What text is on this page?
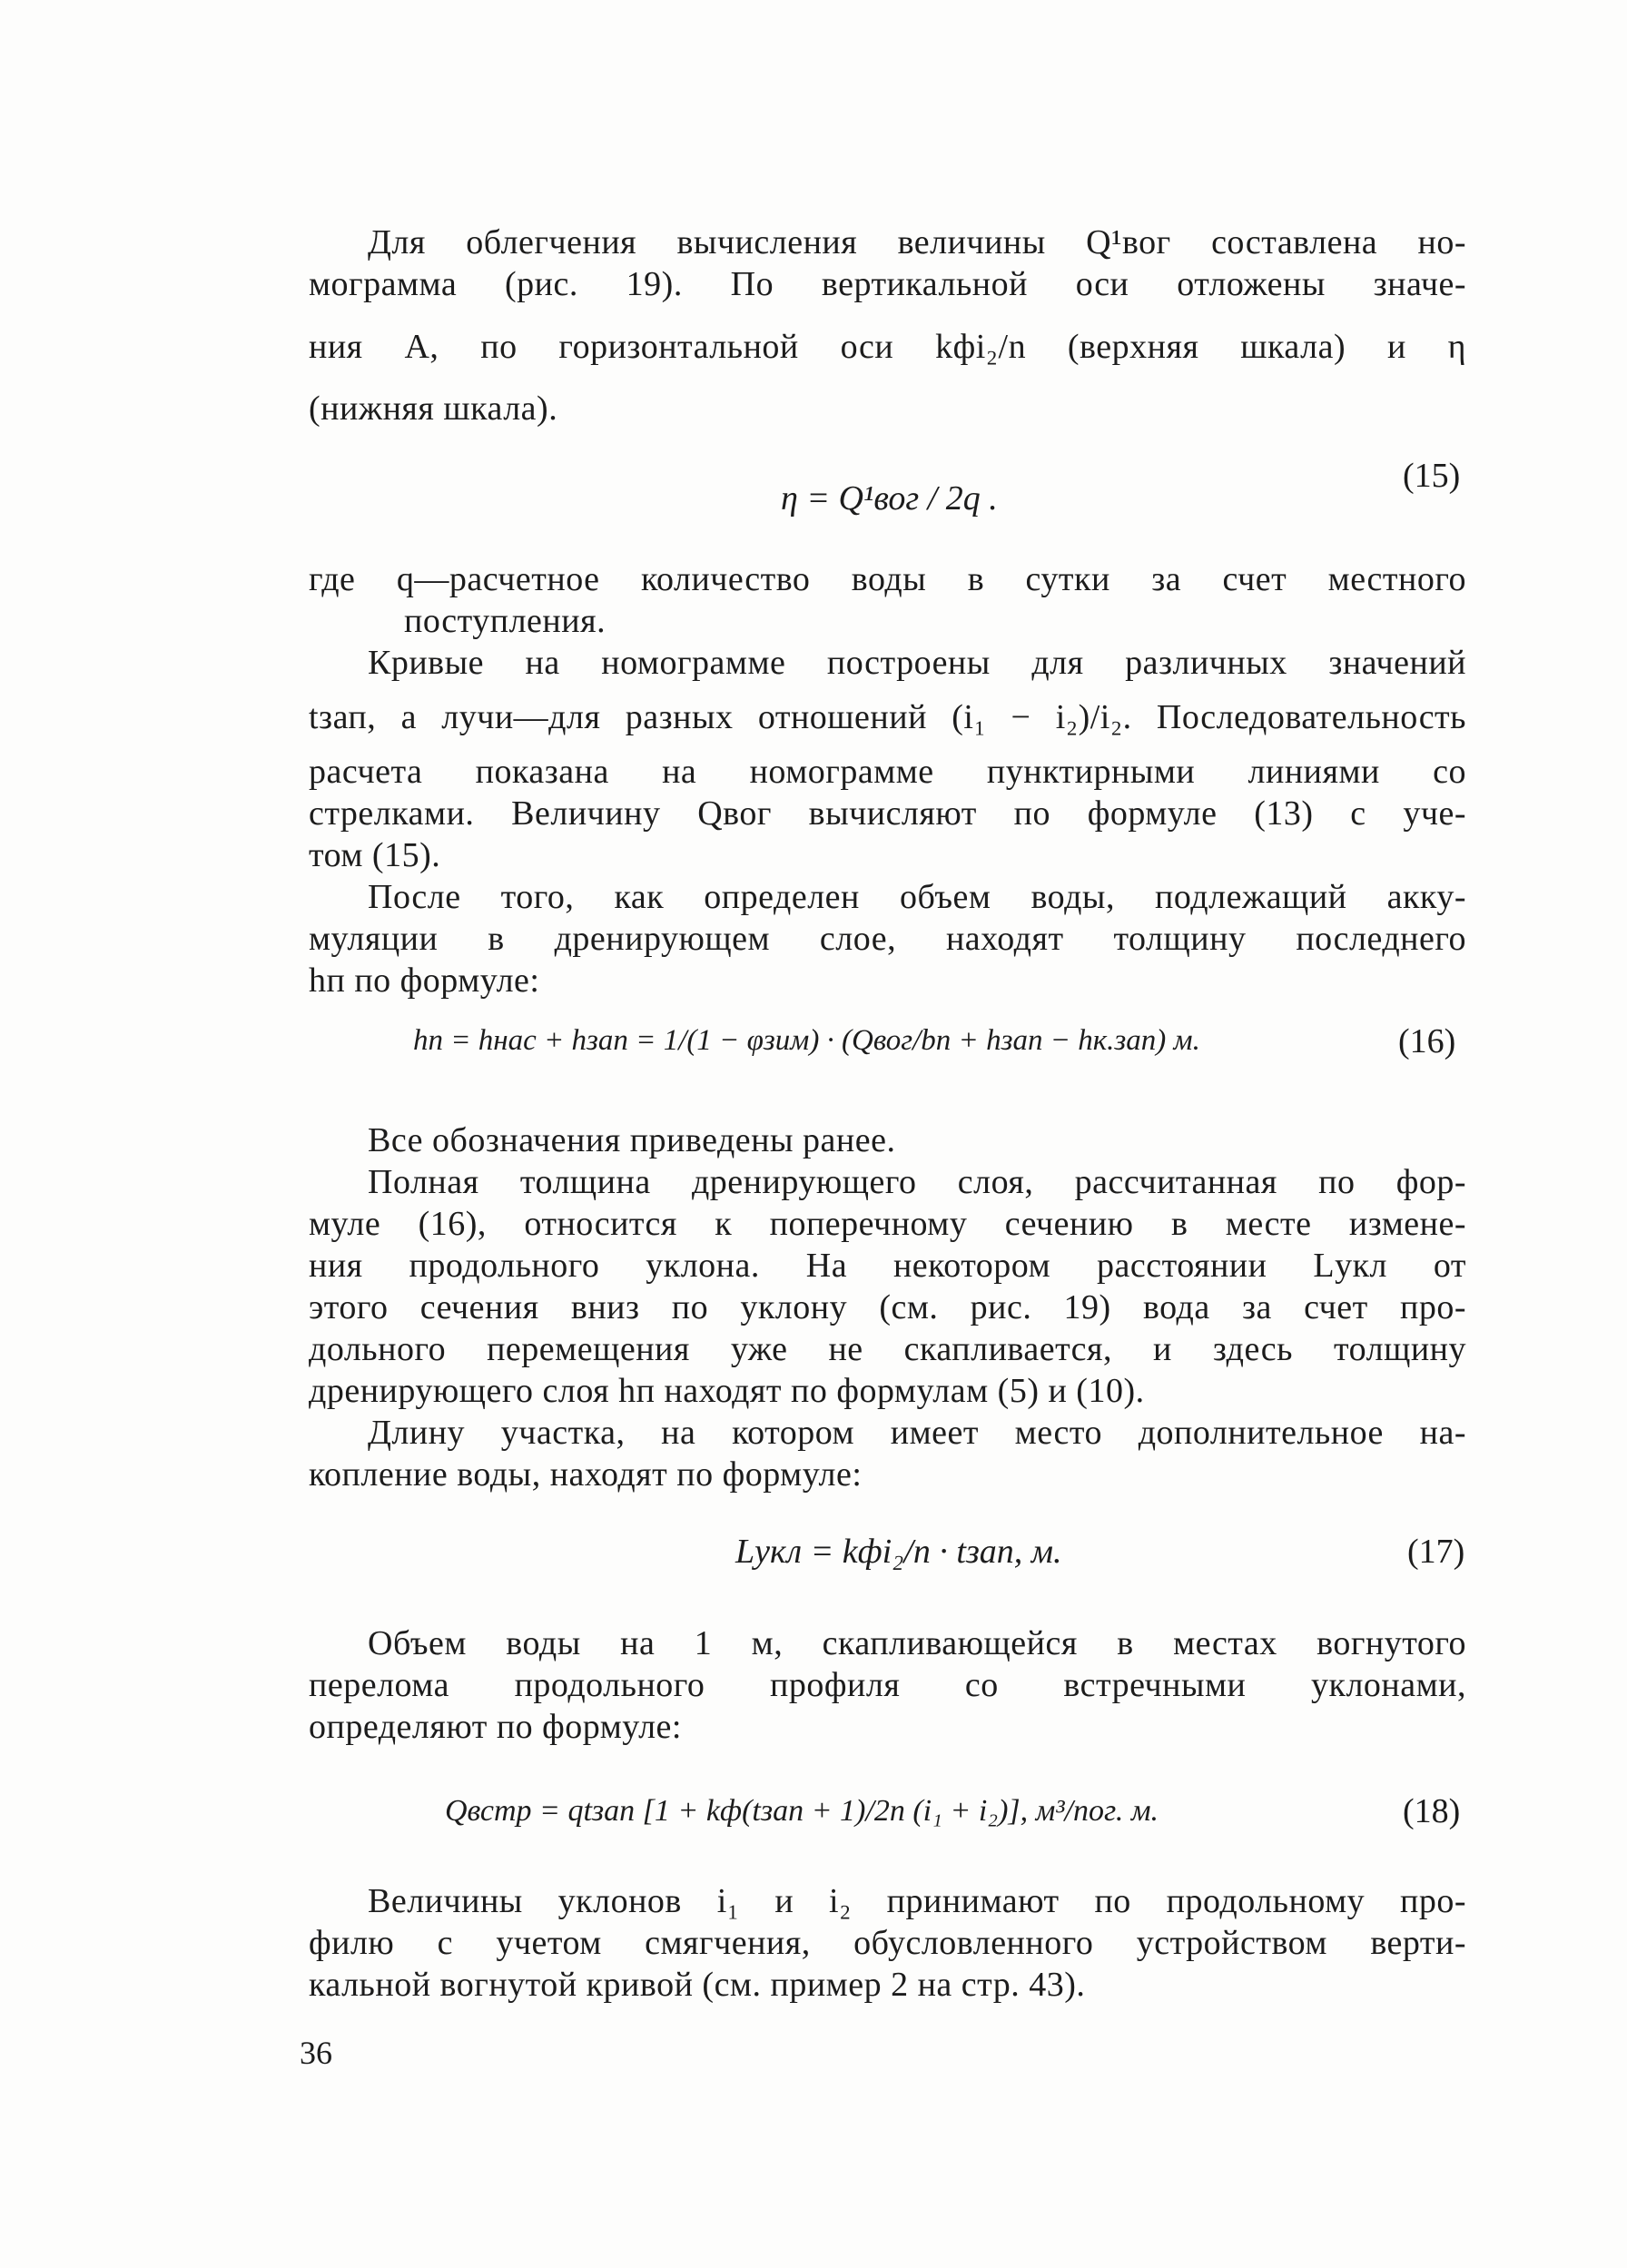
Для облегчения вычисления величины Q¹вог составлена но-
мограмма (рис. 19). По вертикальной оси отложены значе-
ния A, по горизонтальной оси kфi₂/n (верхняя шкала) и η
(нижняя шкала).
η = Q¹вог / 2q .
(15)
где q—расчетное количество воды в сутки за счет местного
поступления.
Кривые на номограмме построены для различных значений
tзап, а лучи—для разных отношений (i₁ − i₂)/i₂. Последовательность
расчета показана на номограмме пунктирными линиями со
стрелками. Величину Qвог вычисляют по формуле (13) с уче-
том (15).
После того, как определен объем воды, подлежащий акку-
муляции в дренирующем слое, находят толщину последнего
hп по формуле:
hп = hнас + hзап = 1/(1 − φзим) · (Qвог/bn + hзап − hк.зап) м.	(16)
Все обозначения приведены ранее.
Полная толщина дренирующего слоя, рассчитанная по фор-
муле (16), относится к поперечному сечению в месте измене-
ния продольного уклона. На некотором расстоянии Lукл от
этого сечения вниз по уклону (см. рис. 19) вода за счет про-
дольного перемещения уже не скапливается, и здесь толщину
дренирующего слоя hп находят по формулам (5) и (10).
Длину участка, на котором имеет место дополнительное на-
копление воды, находят по формуле:
Lукл = kфi₂/n · tзап, м.	(17)
Объем воды на 1 м, скапливающейся в местах вогнутого
перелома продольного профиля со встречными уклонами,
определяют по формуле:
Qвстр = qtзап [1 + kф(tзап + 1)/2n (i₁ + i₂)], м³/пог. м.	(18)
Величины уклонов i₁ и i₂ принимают по продольному про-
филю с учетом смягчения, обусловленного устройством верти-
кальной вогнутой кривой (см. пример 2 на стр. 43).
36
